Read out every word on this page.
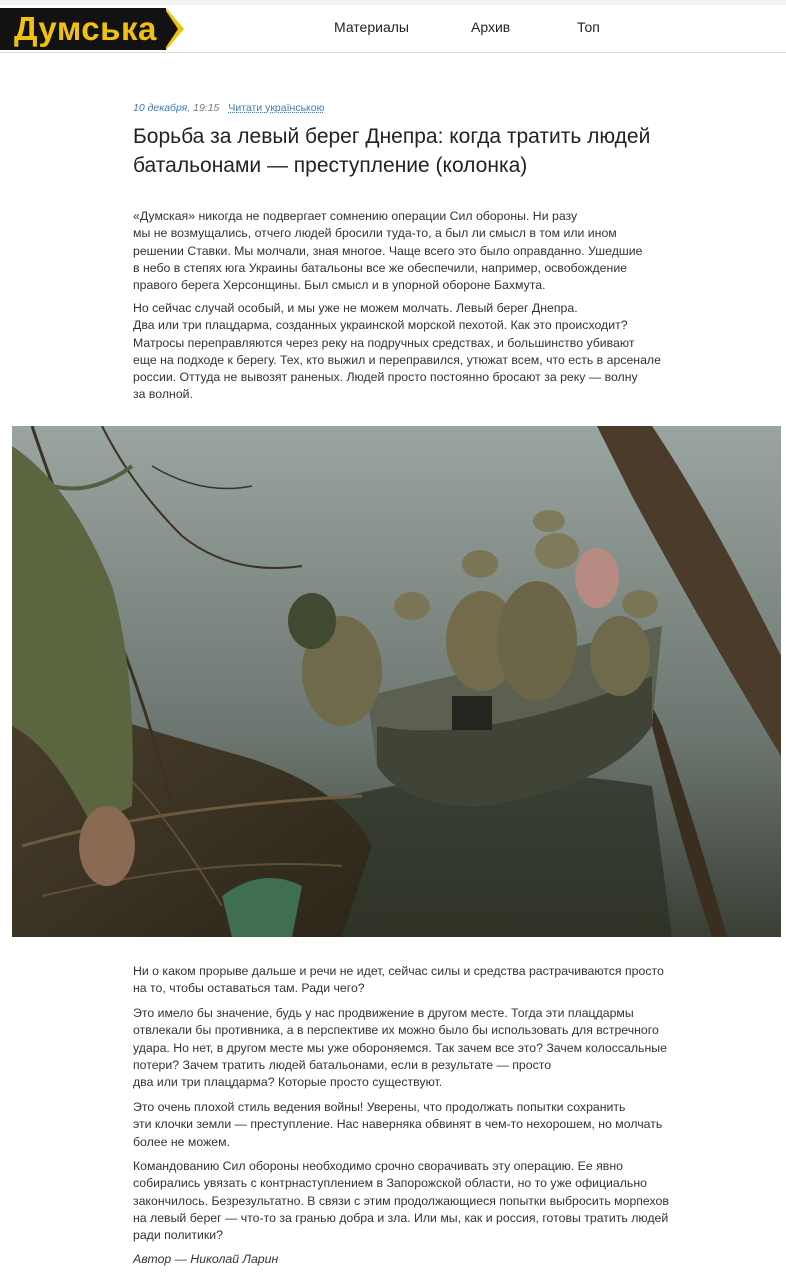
Думська	Материалы	Архив	Топ
10 декабря, 19:15 Читати українською
Борьба за левый берег Днепра: когда тратить людей
батальонами — преступление (колонка)

«Думская» никогда не подвергает сомнению операции Сил обороны. Ни разу
мы не возмущались, отчего людей бросили туда-то, а был ли смысл в том или ином
решении Ставки. Мы молчали, зная многое. Чаще всего это было оправданно. Ушедшие
в небо в степях юга Украины батальоны все же обеспечили, например, освобождение
правого берега Херсонщины. Был смысл и в упорной обороне Бахмута.

Но сейчас случай особый, и мы уже не можем молчать. Левый берег Днепра.
Два или три плацдарма, созданных украинской морской пехотой. Как это происходит?
Матросы переправляются через реку на подручных средствах, и большинство убивают
еще на подходе к берегу. Тех, кто выжил и переправился, утюжат всем, что есть в арсенале
россии. Оттуда не вывозят раненых. Людей просто постоянно бросают за реку — волну
за волной.

Ни о каком прорыве дальше и речи не идет, сейчас силы и средства растрачиваются просто
на то, чтобы оставаться там. Ради чего?

Это имело бы значение, будь у нас продвижение в другом месте. Тогда эти плацдармы
отвлекали бы противника, а в перспективе их можно было бы использовать для встречного
удара. Но нет, в другом месте мы уже обороняемся. Так зачем все это? Зачем колоссальные
потери? Зачем тратить людей батальонами, если в результате — просто
два или три плацдарма? Которые просто существуют.

Это очень плохой стиль ведения войны! Уверены, что продолжать попытки сохранить
эти клочки земли — преступление. Нас наверняка обвинят в чем-то нехорошем, но молчать
более не можем.

Командованию Сил обороны необходимо срочно сворачивать эту операцию. Ее явно
собирались увязать с контрнаступлением в Запорожской области, но то уже официально
закончилось. Безрезультатно. В связи с этим продолжающиеся попытки выбросить морпехов
на левый берег — что-то за гранью добра и зла. Или мы, как и россия, готовы тратить людей
ради политики?

Автор — Николай Ларин
